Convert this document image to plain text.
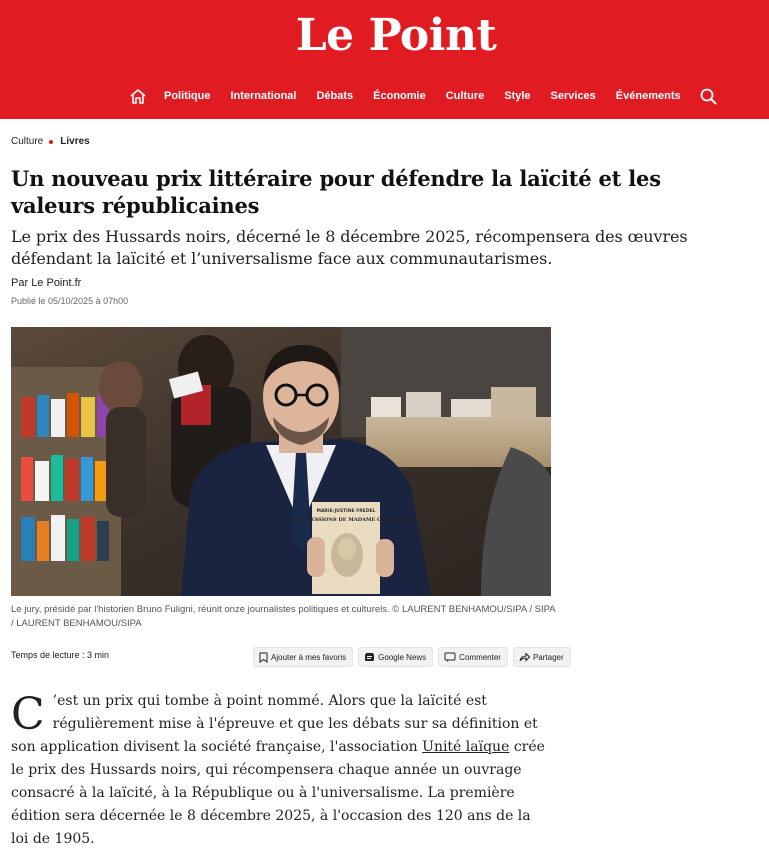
Le Point
Politique International Débats Économie Culture Style Services Événements
Culture Livres
Un nouveau prix littéraire pour défendre la laïcité et les valeurs républicaines

Le prix des Hussards noirs, décerné le 8 décembre 2025, récompensera des œuvres défendant la laïcité et l’universalisme face aux communautarismes.

Par Le Point.fr
Publié le 05/10/2025 à 07h00
MARIE-JUSTINE FREDEL
LES CONFESSIONS DE MADAME CENT-SOUS
Le jury, présidé par l'historien Bruno Fuligni, réunit onze journalistes politiques et culturels. © LAURENT BENHAMOU/SIPA / SIPA / LAURENT BENHAMOU/SIPA
Temps de lecture : 3 min	Ajouter à mes favoris	Google News	Commenter	Partager
C ’est un prix qui tombe à point nommé. Alors que la laïcité est régulièrement mise à l'épreuve et que les débats sur sa définition et son application divisent la société française, l'association Unité laïque crée le prix des Hussards noirs, qui récompensera chaque année un ouvrage consacré à la laïcité, à la République ou à l'universalisme. La première édition sera décernée le 8 décembre 2025, à l'occasion des 120 ans de la loi de 1905.
